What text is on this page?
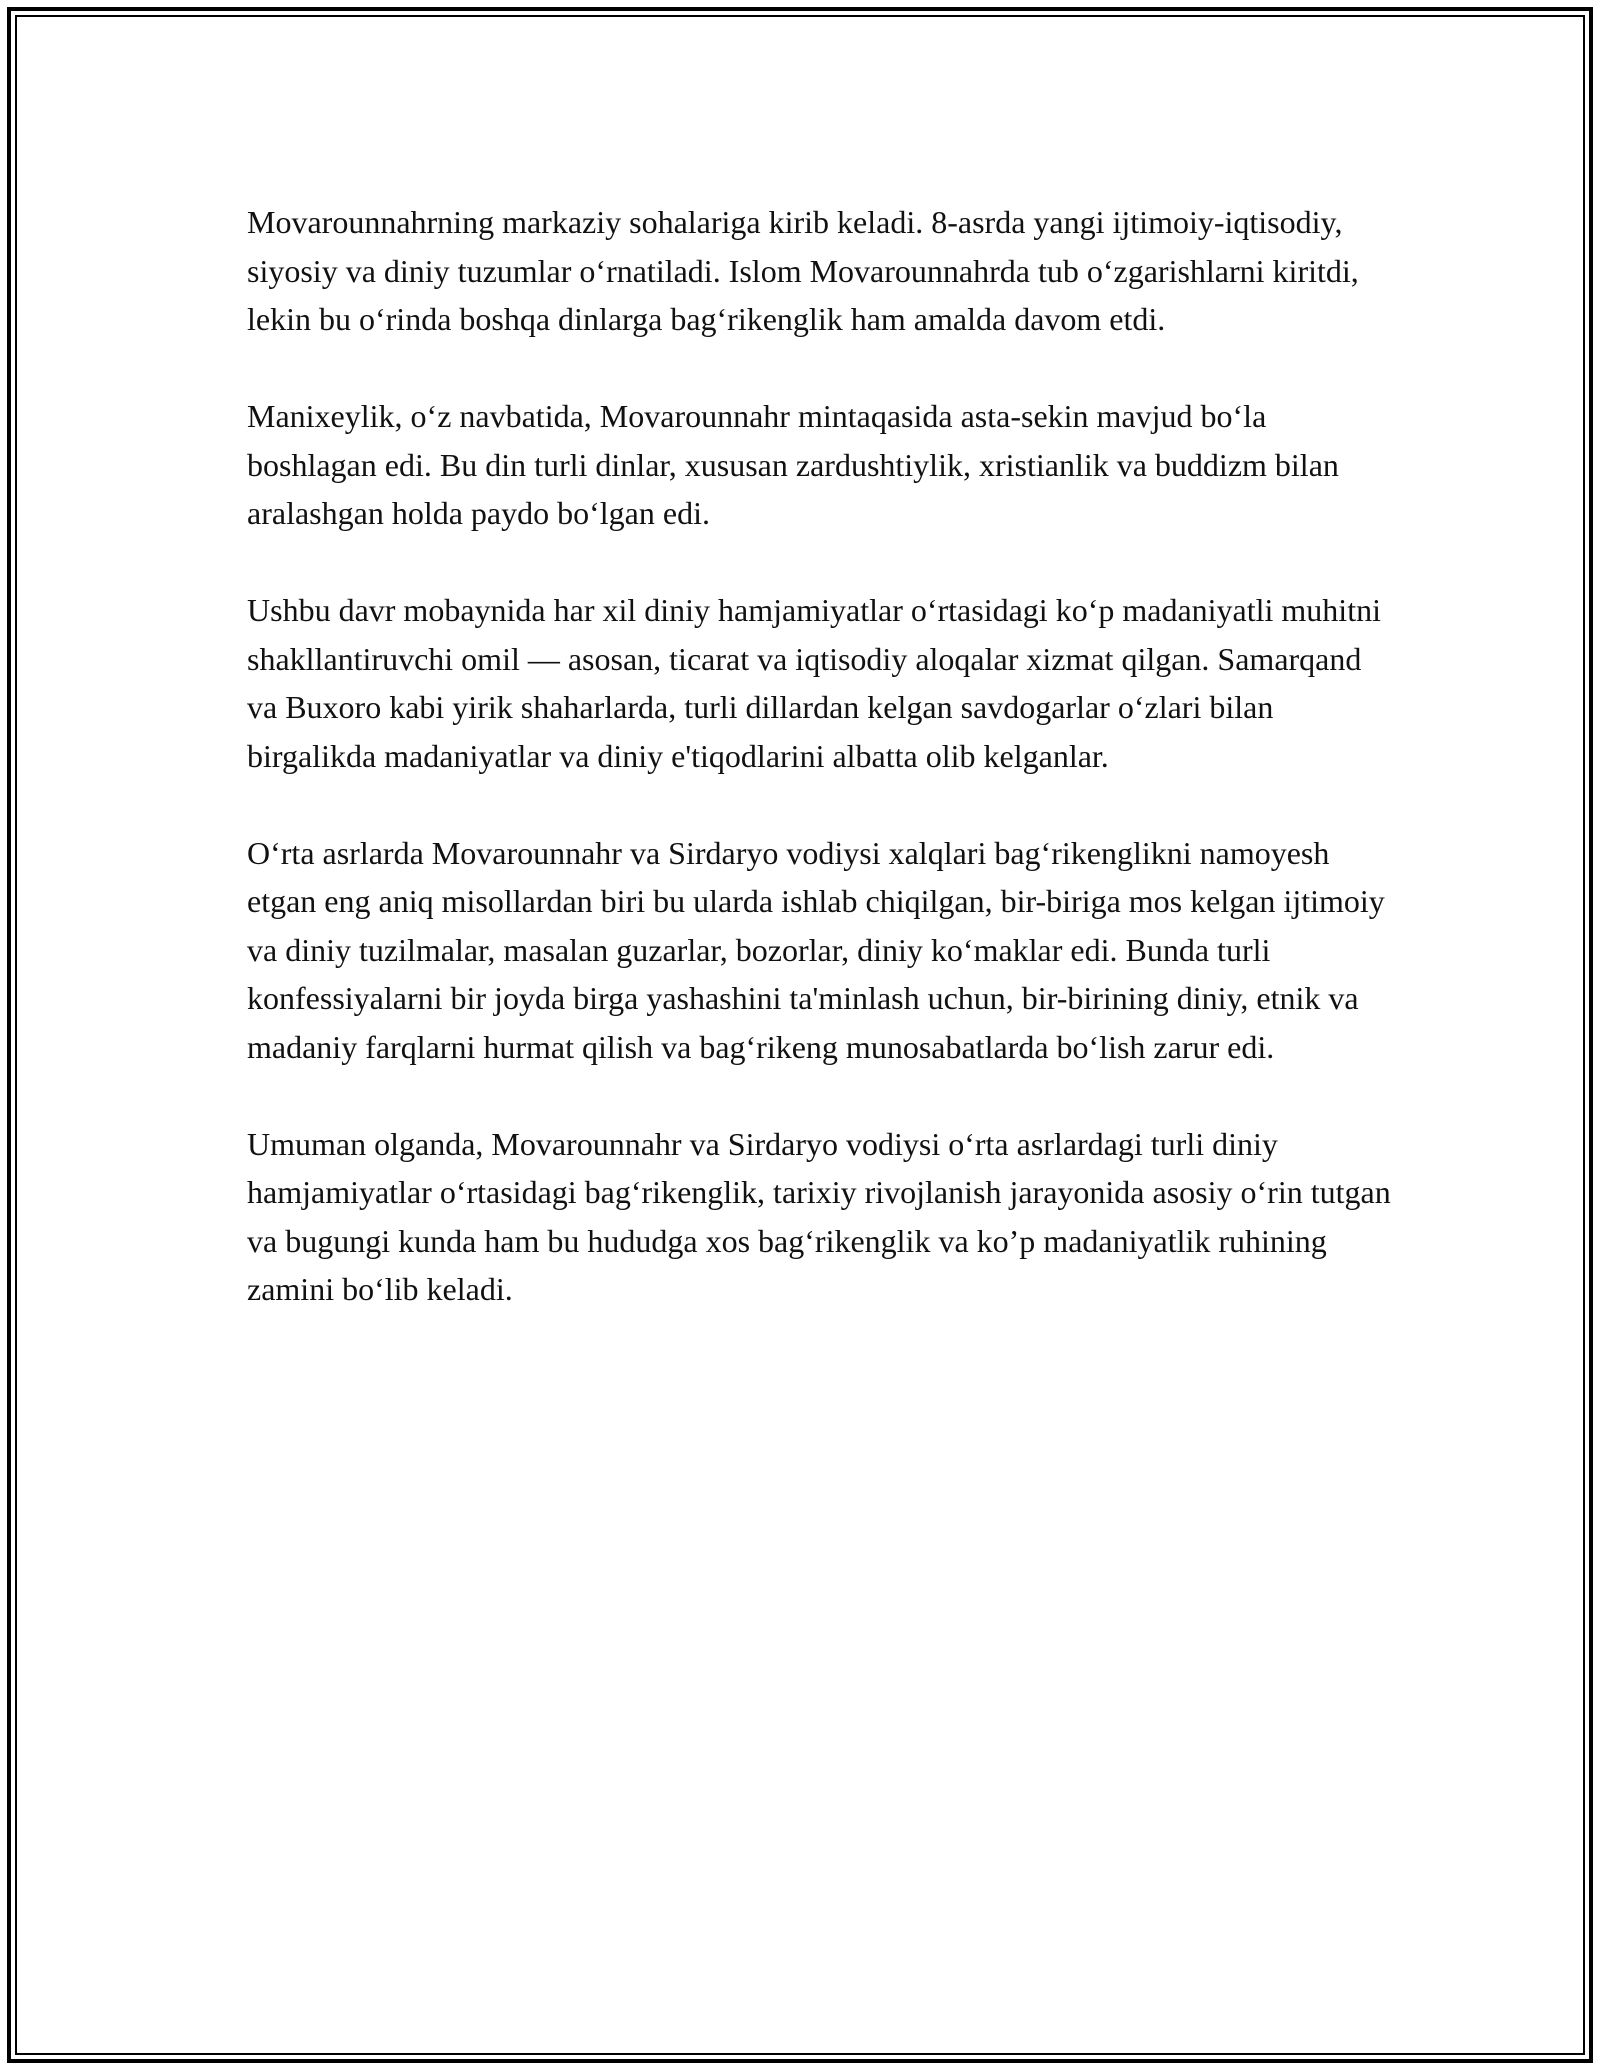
Movarounnahrning markaziy sohalariga kirib keladi. 8-asrda yangi ijtimoiy-iqtisodiy, siyosiy va diniy tuzumlar oʻrnatiladi. Islom Movarounnahrda tub oʻzgarishlarni kiritdi, lekin bu oʻrinda boshqa dinlarga bagʻrikenglik ham amalda davom etdi.

Manixeylik, oʻz navbatida, Movarounnahr mintaqasida asta-sekin mavjud boʻla boshlagan edi. Bu din turli dinlar, xususan zardushtiylik, xristianlik va buddizm bilan aralashgan holda paydo boʻlgan edi.

Ushbu davr mobaynida har xil diniy hamjamiyatlar oʻrtasidagi koʻp madaniyatli muhitni shakllantiruvchi omil — asosan, ticarat va iqtisodiy aloqalar xizmat qilgan. Samarqand va Buxoro kabi yirik shaharlarda, turli dillardan kelgan savdogarlar oʻzlari bilan birgalikda madaniyatlar va diniy e'tiqodlarini albatta olib kelganlar.

Oʻrta asrlarda Movarounnahr va Sirdaryo vodiysi xalqlari bagʻrikenglikni namoyesh etgan eng aniq misollardan biri bu ularda ishlab chiqilgan, bir-biriga mos kelgan ijtimoiy va diniy tuzilmalar, masalan guzarlar, bozorlar, diniy koʻmaklar edi. Bunda turli konfessiyalarni bir joyda birga yashashini ta'minlash uchun, bir-birining diniy, etnik va madaniy farqlarni hurmat qilish va bagʻrikeng munosabatlarda boʻlish zarur edi.

Umuman olganda, Movarounnahr va Sirdaryo vodiysi oʻrta asrlardagi turli diniy hamjamiyatlar oʻrtasidagi bagʻrikenglik, tarixiy rivojlanish jarayonida asosiy oʻrin tutgan va bugungi kunda ham bu hududga xos bagʻrikenglik va koʼp madaniyatlik ruhining zamini boʻlib keladi.
